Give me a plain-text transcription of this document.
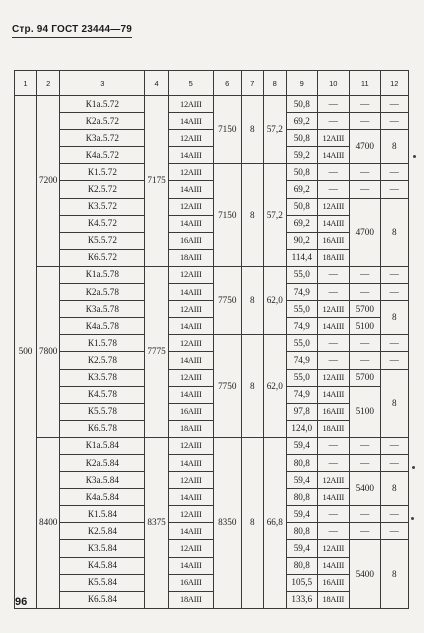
Стр. 94 ГОСТ 23444—79
1	2	3	4	5	6	7	8	9	10	11	12
500	7200	К1a.5.72	7175	12AIII	7150	8	57,2	50,8	—	—	—
		К2a.5.72		14AIII				69,2	—	—	—
		К3a.5.72		12AIII				50,8	12AIII	4700	8
		К4a.5.72		14AIII				59,2	14AIII		
		К1.5.72		12AIII	7150	8	57,2	50,8	—	—	—
		К2.5.72		14AIII				69,2	—	—	—
		К3.5.72		12AIII				50,8	12AIII	4700	8
		К4.5.72		14AIII				69,2	14AIII		
		К5.5.72		16AIII				90,2	16AIII		
		К6.5.72		18AIII				114,4	18AIII		
	7800	К1a.5.78	7775	12AIII	7750	8	62,0	55,0	—	—	—
		К2a.5.78		14AIII				74,9	—	—	—
		К3a.5.78		12AIII				55,0	12AIII	5700	8
		К4a.5.78		14AIII				74,9	14AIII	5100	
		К1.5.78		12AIII	7750	8	62,0	55,0	—	—	—
		К2.5.78		14AIII				74,9	—	—	—
		К3.5.78		12AIII				55,0	12AIII	5700	8
		К4.5.78		14AIII				74,9	14AIII	5100	
		К5.5.78		16AIII				97,8	16AIII		
		К6.5.78		18AIII				124,0	18AIII		
	8400	К1a.5.84	8375	12AIII	8350	8	66,8	59,4	—	—	—
		К2a.5.84		14AIII				80,8	—	—	—
		К3a.5.84		12AIII				59,4	12AIII	5400	8
		К4a.5.84		14AIII				80,8	14AIII		
		К1.5.84		12AIII				59,4	—	—	—
		К2.5.84		14AIII				80,8	—	—	—
		К3.5.84		12AIII				59,4	12AIII	5400	8
		К4.5.84		14AIII				80,8	14AIII		
		К5.5.84		16AIII				105,5	16AIII		
		К6.5.84		18AIII				133,6	18AIII		
96
